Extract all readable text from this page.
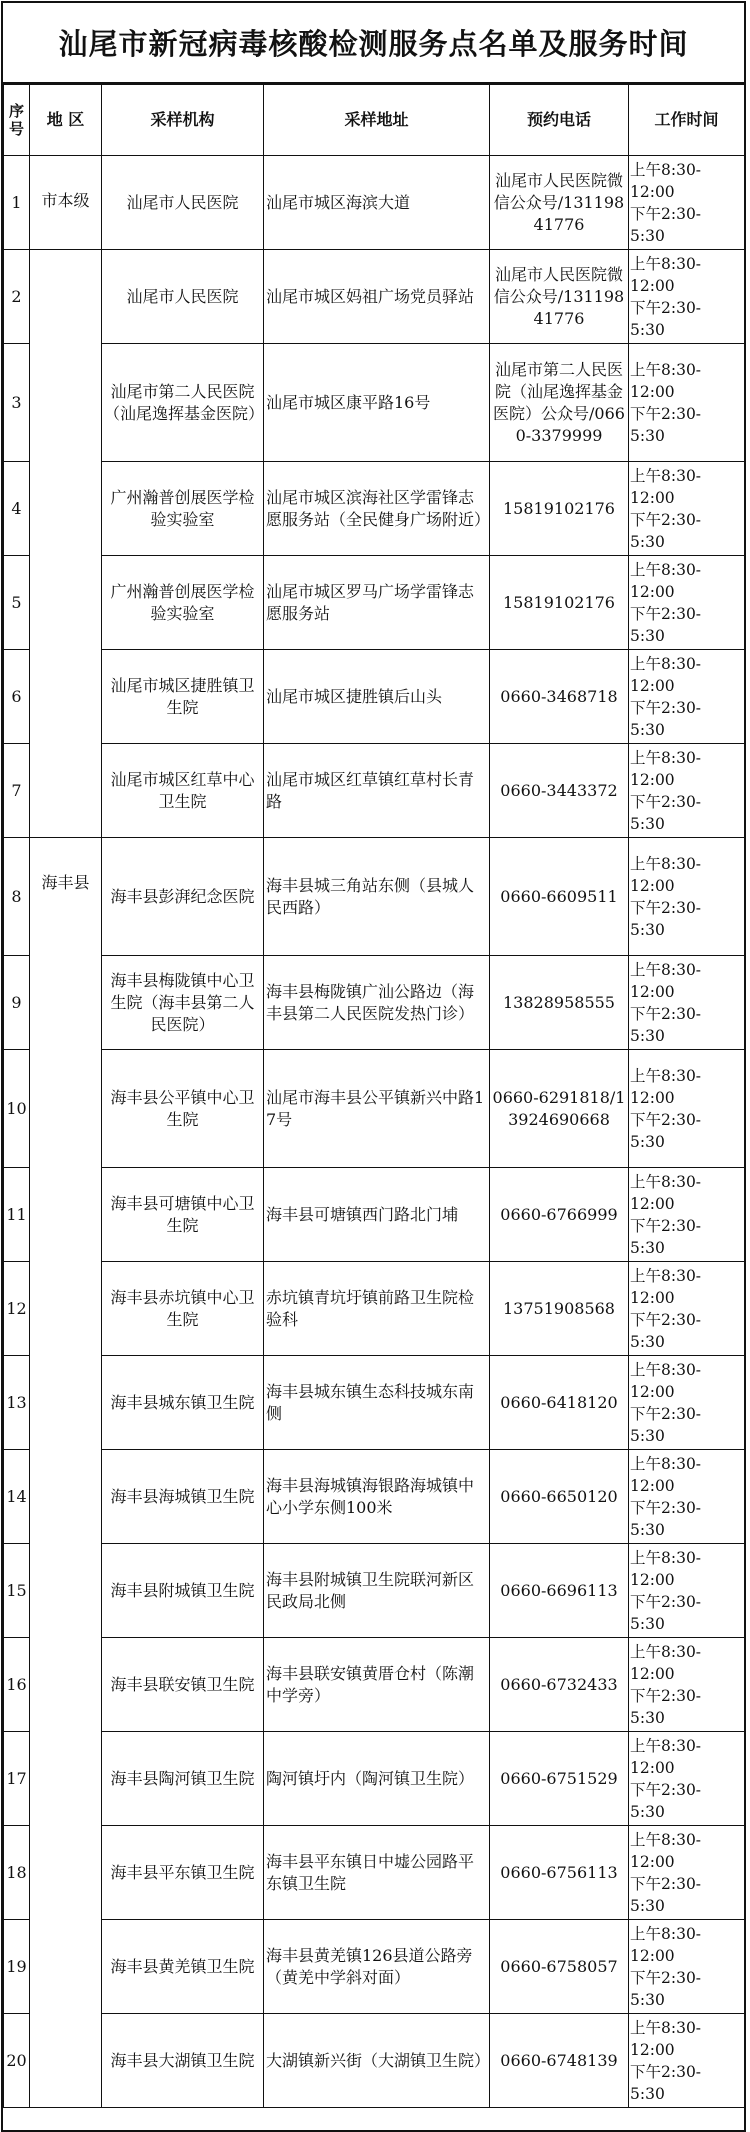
汕尾市新冠病毒核酸检测服务点名单及服务时间
序号	地 区	采样机构	采样地址	预约电话	工作时间
1	市本级	汕尾市人民医院	汕尾市城区海滨大道	汕尾市人民医院微信公众号/13119841776	上午8:30-
12:00
下午2:30-
5:30

2		汕尾市人民医院	汕尾市城区妈祖广场党员驿站	汕尾市人民医院微信公众号/13119841776	上午8:30-
12:00
下午2:30-
5:30

3		汕尾市第二人民医院（汕尾逸挥基金医院）	汕尾市城区康平路16号	汕尾市第二人民医院（汕尾逸挥基金医院）公众号/0660-3379999	上午8:30-
12:00
下午2:30-
5:30

4		广州瀚普创展医学检验实验室	汕尾市城区滨海社区学雷锋志愿服务站（全民健身广场附近）	15819102176	上午8:30-
12:00
下午2:30-
5:30

5		广州瀚普创展医学检验实验室	汕尾市城区罗马广场学雷锋志愿服务站	15819102176	上午8:30-
12:00
下午2:30-
5:30

6		汕尾市城区捷胜镇卫生院	汕尾市城区捷胜镇后山头	0660-3468718	上午8:30-
12:00
下午2:30-
5:30

7		汕尾市城区红草中心卫生院	汕尾市城区红草镇红草村长青路	0660-3443372	上午8:30-
12:00
下午2:30-
5:30

8	海丰县	海丰县彭湃纪念医院	海丰县城三角站东侧（县城人民西路）	0660-6609511	上午8:30-
12:00
下午2:30-
5:30

9		海丰县梅陇镇中心卫生院（海丰县第二人民医院）	海丰县梅陇镇广汕公路边（海丰县第二人民医院发热门诊）	13828958555	上午8:30-
12:00
下午2:30-
5:30

10		海丰县公平镇中心卫生院	汕尾市海丰县公平镇新兴中路17号	0660-6291818/13924690668	上午8:30-
12:00
下午2:30-
5:30

11		海丰县可塘镇中心卫生院	海丰县可塘镇西门路北门埔	0660-6766999	上午8:30-
12:00
下午2:30-
5:30

12		海丰县赤坑镇中心卫生院	赤坑镇青坑圩镇前路卫生院检验科	13751908568	上午8:30-
12:00
下午2:30-
5:30

13		海丰县城东镇卫生院	海丰县城东镇生态科技城东南侧	0660-6418120	上午8:30-
12:00
下午2:30-
5:30

14		海丰县海城镇卫生院	海丰县海城镇海银路海城镇中心小学东侧100米	0660-6650120	上午8:30-
12:00
下午2:30-
5:30

15		海丰县附城镇卫生院	海丰县附城镇卫生院联河新区民政局北侧	0660-6696113	上午8:30-
12:00
下午2:30-
5:30

16		海丰县联安镇卫生院	海丰县联安镇黄厝仓村（陈潮中学旁）	0660-6732433	上午8:30-
12:00
下午2:30-
5:30

17		海丰县陶河镇卫生院	陶河镇圩内（陶河镇卫生院）	0660-6751529	上午8:30-
12:00
下午2:30-
5:30

18		海丰县平东镇卫生院	海丰县平东镇日中墟公园路平东镇卫生院	0660-6756113	上午8:30-
12:00
下午2:30-
5:30

19		海丰县黄羌镇卫生院	海丰县黄羌镇126县道公路旁（黄羌中学斜对面）	0660-6758057	上午8:30-
12:00
下午2:30-
5:30

20		海丰县大湖镇卫生院	大湖镇新兴街（大湖镇卫生院）	0660-6748139	上午8:30-
12:00
下午2:30-
5:30
